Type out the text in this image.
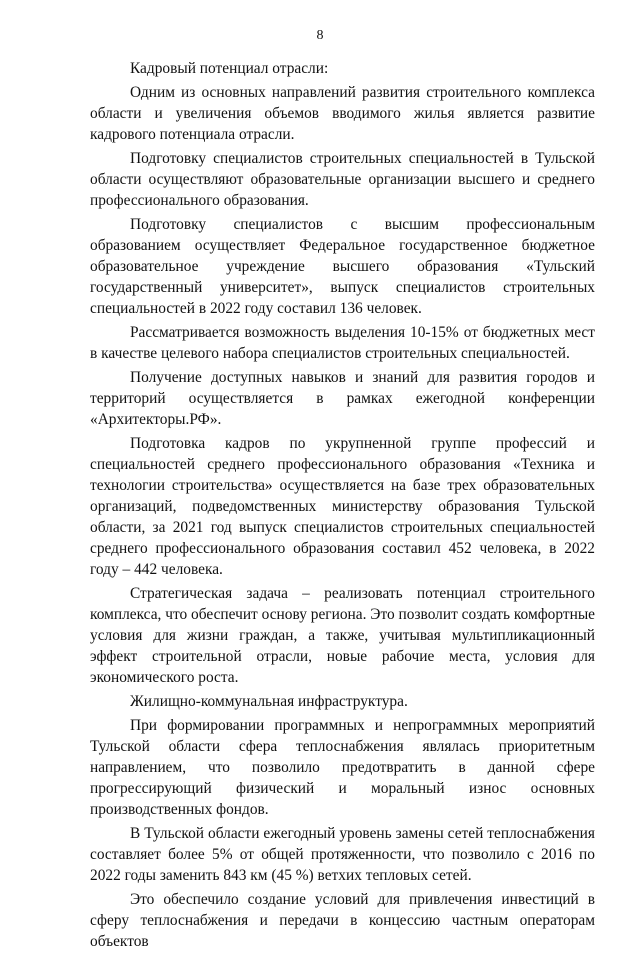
8

Кадровый потенциал отрасли:

Одним из основных направлений развития строительного комплекса области и увеличения объемов вводимого жилья является развитие кадрового потенциала отрасли.

Подготовку специалистов строительных специальностей в Тульской области осуществляют образовательные организации высшего и среднего профессионального образования.

Подготовку специалистов с высшим профессиональным образованием осуществляет Федеральное государственное бюджетное образовательное учреждение высшего образования «Тульский государственный университет», выпуск специалистов строительных специальностей в 2022 году составил 136 человек.

Рассматривается возможность выделения 10-15% от бюджетных мест в качестве целевого набора специалистов строительных специальностей.

Получение доступных навыков и знаний для развития городов и территорий осуществляется в рамках ежегодной конференции «Архитекторы.РФ».

Подготовка кадров по укрупненной группе профессий и специальностей среднего профессионального образования «Техника и технологии строительства» осуществляется на базе трех образовательных организаций, подведомственных министерству образования Тульской области, за 2021 год выпуск специалистов строительных специальностей среднего профессионального образования составил 452 человека, в 2022 году – 442 человека.

Стратегическая задача – реализовать потенциал строительного комплекса, что обеспечит основу региона. Это позволит создать комфортные условия для жизни граждан, а также, учитывая мультипликационный эффект строительной отрасли, новые рабочие места, условия для экономического роста.

Жилищно-коммунальная инфраструктура.

При формировании программных и непрограммных мероприятий Тульской области сфера теплоснабжения являлась приоритетным направлением, что позволило предотвратить в данной сфере прогрессирующий физический и моральный износ основных производственных фондов.

В Тульской области ежегодный уровень замены сетей теплоснабжения составляет более 5% от общей протяженности, что позволило с 2016 по 2022 годы заменить 843 км (45 %) ветхих тепловых сетей.

Это обеспечило создание условий для привлечения инвестиций в сферу теплоснабжения и передачи в концессию частным операторам объектов
